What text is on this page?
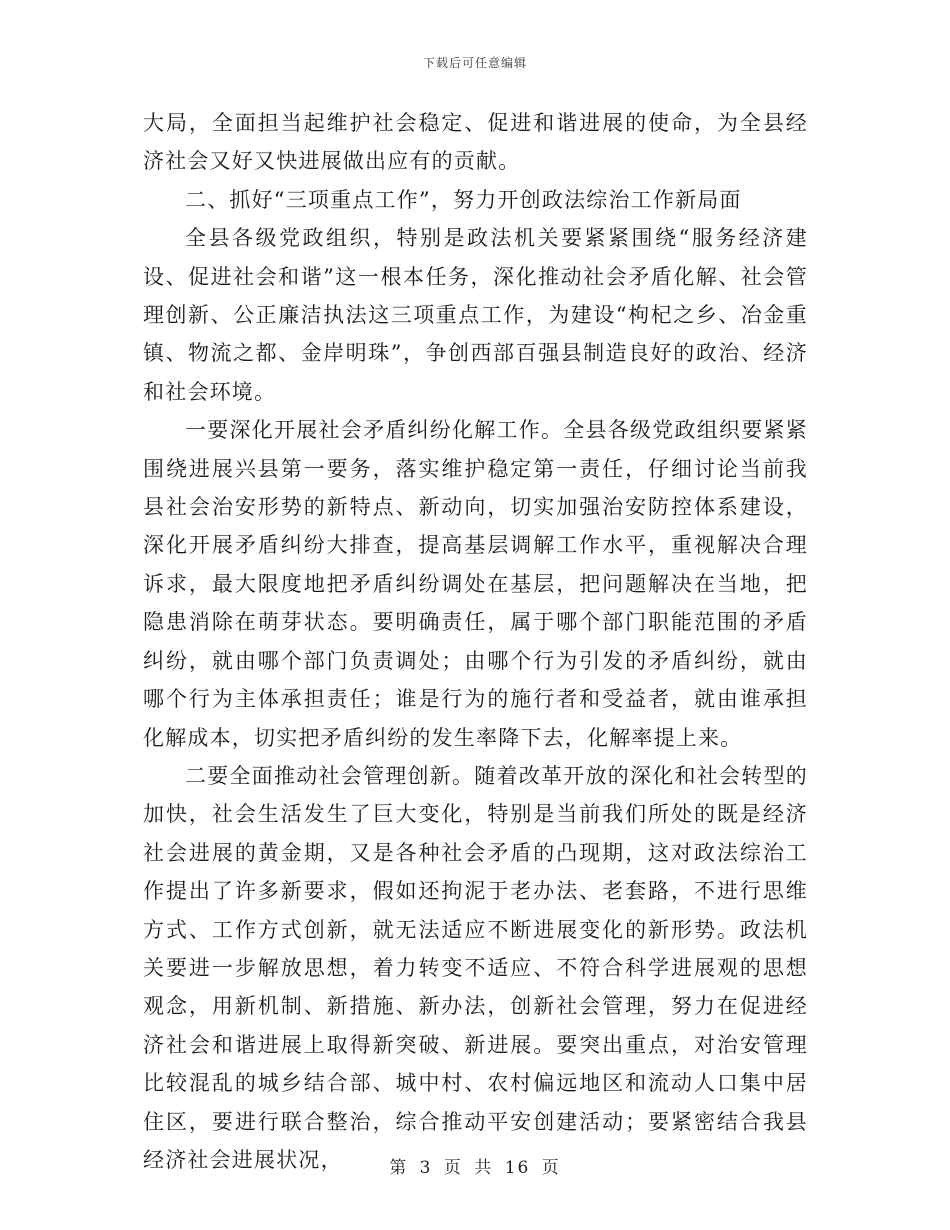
下载后可任意编辑

大局，全面担当起维护社会稳定、促进和谐进展的使命，为全县经济社会又好又快进展做出应有的贡献。

二、抓好“三项重点工作”，努力开创政法综治工作新局面

全县各级党政组织，特别是政法机关要紧紧围绕“服务经济建设、促进社会和谐”这一根本任务，深化推动社会矛盾化解、社会管理创新、公正廉洁执法这三项重点工作，为建设“枸杞之乡、冶金重镇、物流之都、金岸明珠”，争创西部百强县制造良好的政治、经济和社会环境。

一要深化开展社会矛盾纠纷化解工作。全县各级党政组织要紧紧围绕进展兴县第一要务，落实维护稳定第一责任，仔细讨论当前我县社会治安形势的新特点、新动向，切实加强治安防控体系建设，深化开展矛盾纠纷大排查，提高基层调解工作水平，重视解决合理诉求，最大限度地把矛盾纠纷调处在基层，把问题解决在当地，把隐患消除在萌芽状态。要明确责任，属于哪个部门职能范围的矛盾纠纷，就由哪个部门负责调处；由哪个行为引发的矛盾纠纷，就由哪个行为主体承担责任；谁是行为的施行者和受益者，就由谁承担化解成本，切实把矛盾纠纷的发生率降下去，化解率提上来。

二要全面推动社会管理创新。随着改革开放的深化和社会转型的加快，社会生活发生了巨大变化，特别是当前我们所处的既是经济社会进展的黄金期，又是各种社会矛盾的凸现期，这对政法综治工作提出了许多新要求，假如还拘泥于老办法、老套路，不进行思维方式、工作方式创新，就无法适应不断进展变化的新形势。政法机关要进一步解放思想，着力转变不适应、不符合科学进展观的思想观念，用新机制、新措施、新办法，创新社会管理，努力在促进经济社会和谐进展上取得新突破、新进展。要突出重点，对治安管理比较混乱的城乡结合部、城中村、农村偏远地区和流动人口集中居住区，要进行联合整治，综合推动平安创建活动；要紧密结合我县经济社会进展状况，	第 3 页 共 16 页
